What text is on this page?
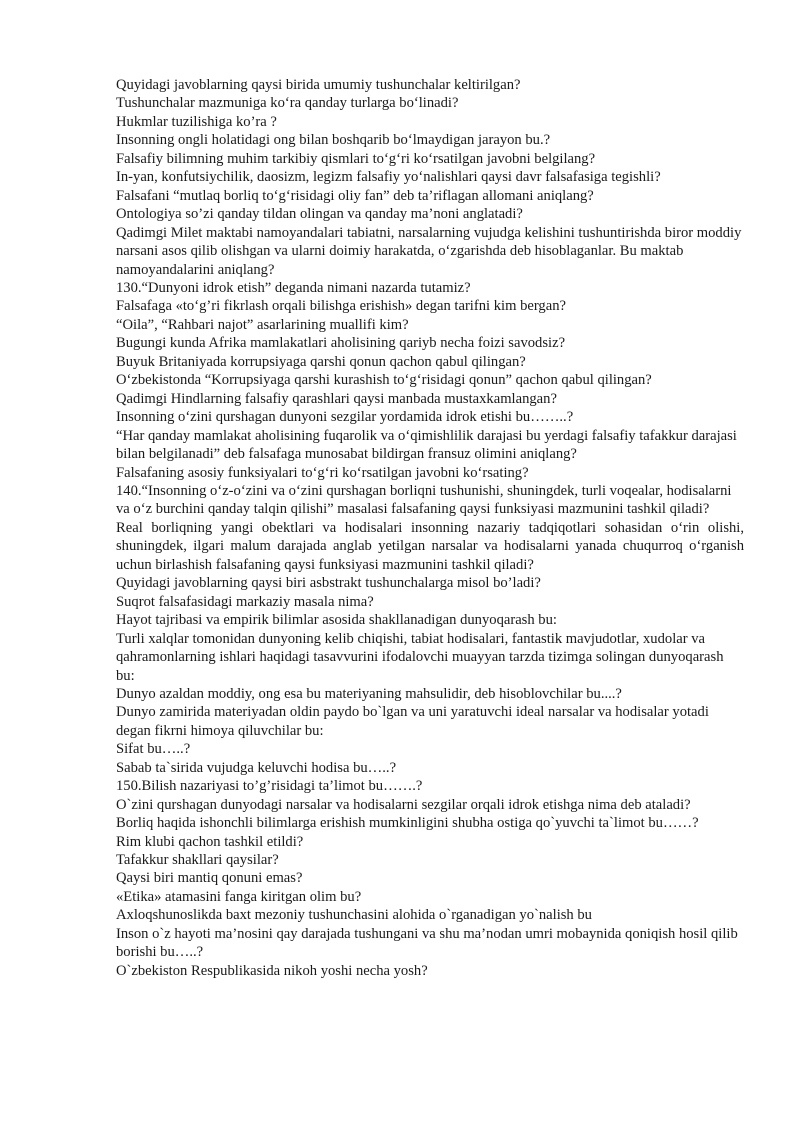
Quyidagi javoblarning qaysi birida umumiy tushunchalar keltirilgan?

Tushunchalar mazmuniga ko‘ra qanday turlarga bo‘linadi?

Hukmlar tuzilishiga ko’ra ?

Insonning ongli holatidagi ong bilan boshqarib bo‘lmaydigan jarayon bu.?

Falsafiy bilimning muhim tarkibiy qismlari to‘g‘ri ko‘rsatilgan javobni belgilang?

In-yan, konfutsiychilik, daosizm, legizm falsafiy yo‘nalishlari qaysi davr falsafasiga tegishli?

Falsafani “mutlaq borliq to‘g‘risidagi oliy fan” deb ta’riflagan allomani aniqlang?

Ontologiya so’zi qanday tildan olingan va qanday ma’noni anglatadi?

Qadimgi Milet maktabi namoyandalari tabiatni, narsalarning vujudga kelishini tushuntirishda biror moddiy narsani asos qilib olishgan va ularni doimiy harakatda, o‘zgarishda deb hisoblaganlar. Bu maktab namoyandalarini aniqlang?

130.“Dunyoni idrok etish” deganda nimani nazarda tutamiz?

Falsafaga «to‘g’ri fikrlash orqali bilishga erishish» degan tarifni kim bergan?

“Oila”, “Rahbari najot” asarlarining muallifi kim?

Bugungi kunda Afrika mamlakatlari aholisining qariyb necha foizi savodsiz?

Buyuk Britaniyada korrupsiyaga qarshi qonun qachon qabul qilingan?

O‘zbekistonda “Korrupsiyaga qarshi kurashish to‘g‘risidagi qonun” qachon qabul qilingan?

Qadimgi Hindlarning falsafiy qarashlari qaysi manbada mustaxkamlangan?

Insonning o‘zini qurshagan dunyoni sezgilar yordamida idrok etishi bu……..?

“Har qanday mamlakat aholisining fuqarolik va o‘qimishlilik darajasi bu yerdagi falsafiy tafakkur darajasi bilan belgilanadi” deb falsafaga munosabat bildirgan fransuz olimini aniqlang?

Falsafaning asosiy funksiyalari to‘g‘ri ko‘rsatilgan javobni ko‘rsating?

140.“Insonning o‘z-o‘zini va o‘zini qurshagan borliqni tushunishi, shuningdek, turli voqealar, hodisalarni va o‘z burchini qanday talqin qilishi” masalasi falsafaning qaysi funksiyasi mazmunini tashkil qiladi?

Real borliqning yangi obektlari va hodisalari insonning nazariy tadqiqotlari sohasidan o‘rin olishi, shuningdek, ilgari malum darajada anglab yetilgan narsalar va hodisalarni yanada chuqurroq o‘rganish uchun birlashish falsafaning qaysi funksiyasi mazmunini tashkil qiladi?

Quyidagi javoblarning qaysi biri asbstrakt tushunchalarga misol bo’ladi?

Suqrot falsafasidagi markaziy masala nima?

Hayot tajribasi va empirik bilimlar asosida shakllanadigan dunyoqarash bu:

Turli xalqlar tomonidan dunyoning kelib chiqishi, tabiat hodisalari, fantastik mavjudotlar, xudolar va qahramonlarning ishlari haqidagi tasavvurini ifodalovchi muayyan tarzda tizimga solingan dunyoqarash bu:

Dunyo azaldan moddiy, ong esa bu materiyaning mahsulidir, deb hisoblovchilar bu....?

Dunyo zamirida materiyadan oldin paydo bo`lgan va uni yaratuvchi ideal narsalar va hodisalar yotadi degan fikrni himoya qiluvchilar bu:

Sifat bu…..?

Sabab ta`sirida vujudga keluvchi hodisa bu…..?

150.Bilish nazariyasi to’g’risidagi ta’limot bu…….?

O`zini qurshagan dunyodagi narsalar va hodisalarni sezgilar orqali idrok etishga nima deb ataladi?

Borliq haqida ishonchli bilimlarga erishish mumkinligini shubha ostiga qo`yuvchi ta`limot bu……?

Rim klubi qachon tashkil etildi?

Tafakkur shakllari qaysilar?

Qaysi biri mantiq qonuni emas?

«Etika» atamasini fanga kiritgan olim bu?

Axloqshunoslikda baxt mezoniy tushunchasini alohida o`rganadigan yo`nalish bu

Inson o`z hayoti ma’nosini qay darajada tushungani va shu ma’nodan umri mobaynida qoniqish hosil qilib borishi bu…..?

O`zbekiston Respublikasida nikoh yoshi necha yosh?
